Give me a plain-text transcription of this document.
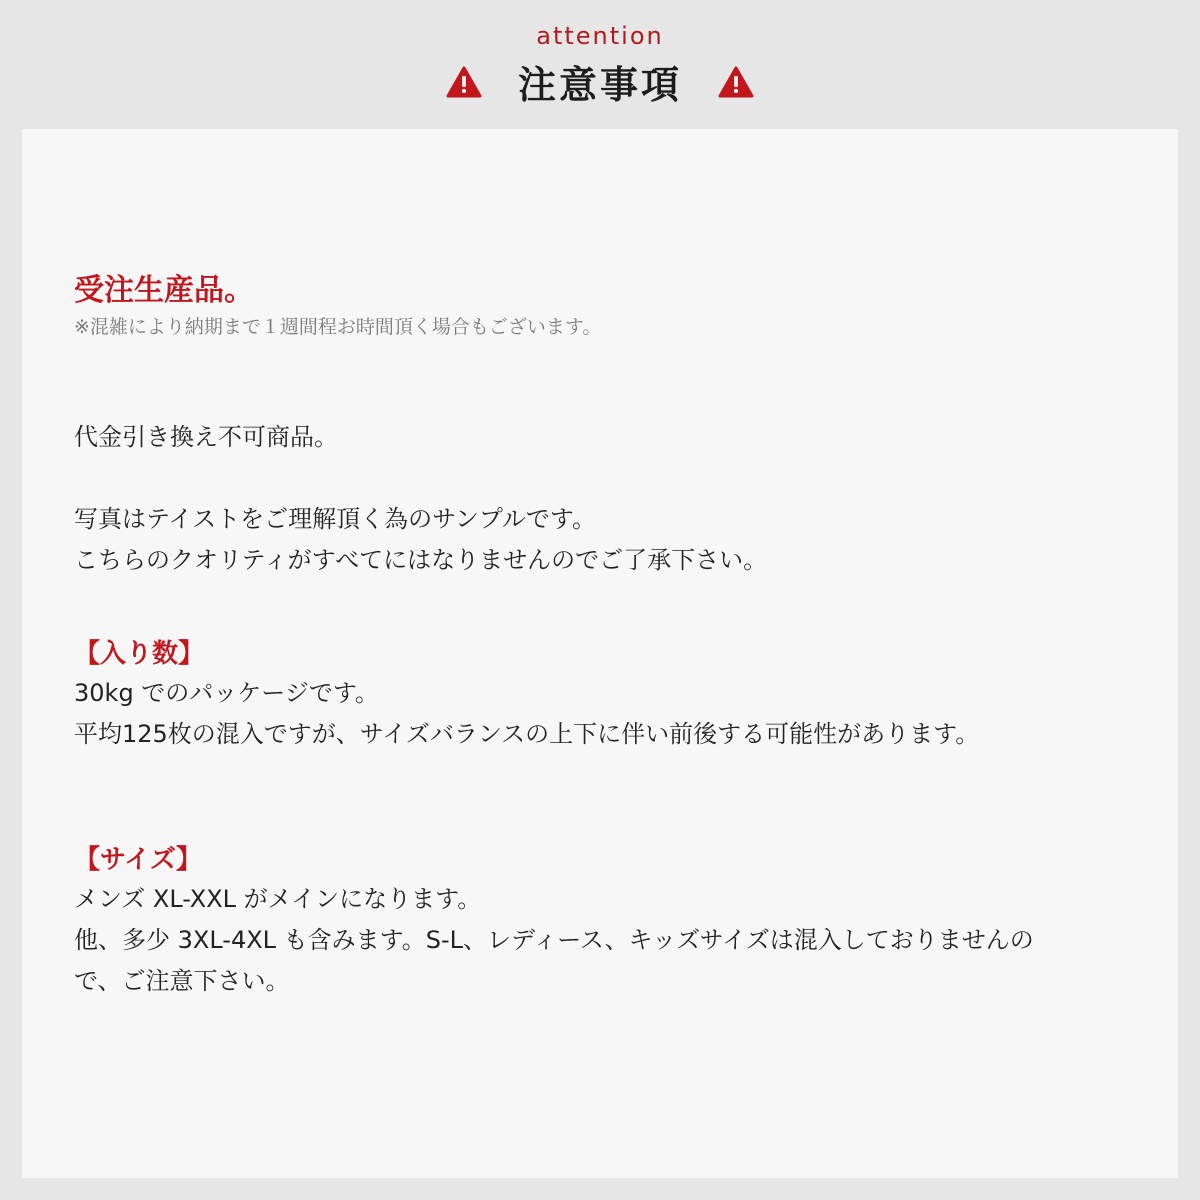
attention
注意事項
受注生産品。
※混雑により納期まで１週間程お時間頂く場合もございます。
代金引き換え不可商品。
写真はテイストをご理解頂く為のサンプルです。
こちらのクオリティがすべてにはなりませんのでご了承下さい。
【入り数】
30kg でのパッケージです。
平均125枚の混入ですが、サイズバランスの上下に伴い前後する可能性があります。
【サイズ】
メンズ XL-XXL がメインになります。
他、多少 3XL-4XL も含みます。S-L、レディース、キッズサイズは混入しておりませんの
で、ご注意下さい。
